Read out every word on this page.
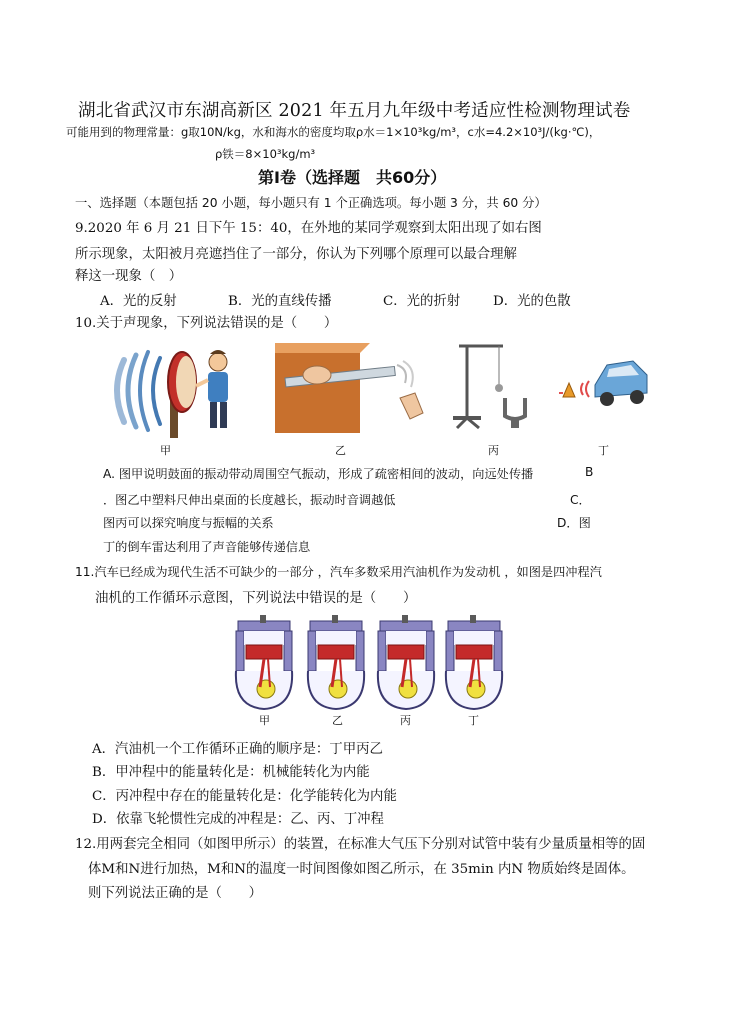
湖北省武汉市东湖高新区 2021 年五月九年级中考适应性检测物理试卷
可能用到的物理常量：g取10N/kg，水和海水的密度均取ρ水＝1×10³kg/m³，c水=4.2×10³J/(kg·℃)，
ρ铁＝8×10³kg/m³
第Ⅰ卷（选择题　共60分）
一、选择题（本题包括 20 小题，每小题只有 1 个正确选项。每小题 3 分，共 60 分）
9.2020 年 6 月 21 日下午 15：40，在外地的某同学观察到太阳出现了如右图
所示现象，太阳被月亮遮挡住了一部分，你认为下列哪个原理可以最合理解
释这一现象（　）
A．光的反射	B．光的直线传播	C．光的折射 D．光的色散
10.关于声现象，下列说法错误的是（　　）
甲	乙	丙	丁
A. 图甲说明鼓面的振动带动周围空气振动，形成了疏密相间的波动，向远处传播	B
．图乙中塑料尺伸出桌面的长度越长，振动时音调越低	C．
图丙可以探究响度与振幅的关系	D．图
丁的倒车雷达利用了声音能够传递信息
11.汽车已经成为现代生活不可缺少的一部分 ，汽车多数采用汽油机作为发动机 ，如图是四冲程汽
油机的工作循环示意图，下列说法中错误的是（　　）
甲	乙	丙	丁
A．汽油机一个工作循环正确的顺序是：丁甲丙乙
B．甲冲程中的能量转化是：机械能转化为内能
C．丙冲程中存在的能量转化是：化学能转化为内能
D．依靠飞轮惯性完成的冲程是：乙、丙、丁冲程
12.用两套完全相同（如图甲所示）的装置，在标准大气压下分别对试管中装有少量质量相等的固
体M和N进行加热，M和N的温度一时间图像如图乙所示，在 35min 内N 物质始终是固体。
则下列说法正确的是（　　）
